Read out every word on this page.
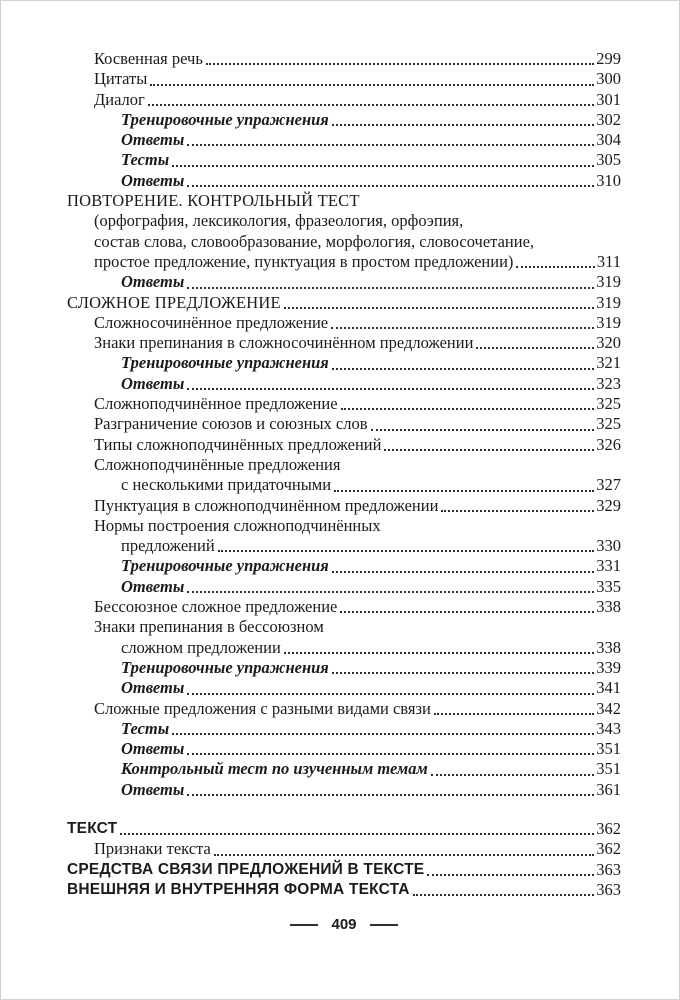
Косвенная речь	299
Цитаты	300
Диалог	301
Тренировочные упражнения	302
Ответы	304
Тесты	305
Ответы	310
ПОВТОРЕНИЕ. КОНТРОЛЬНЫЙ ТЕСТ
(орфография, лексикология, фразеология, орфоэпия,
состав слова, словообразование, морфология, словосочетание,
простое предложение, пунктуация в простом предложении)	311
Ответы	319
СЛОЖНОЕ ПРЕДЛОЖЕНИЕ	319
Сложносочинённое предложение	319
Знаки препинания в сложносочинённом предложении	320
Тренировочные упражнения	321
Ответы	323
Сложноподчинённое предложение	325
Разграничение союзов и союзных слов	325
Типы сложноподчинённых предложений	326
Сложноподчинённые предложения
с несколькими придаточными	327
Пунктуация в сложноподчинённом предложении	329
Нормы построения сложноподчинённых
предложений	330
Тренировочные упражнения	331
Ответы	335
Бессоюзное сложное предложение	338
Знаки препинания в бессоюзном
сложном предложении	338
Тренировочные упражнения	339
Ответы	341
Сложные предложения с разными видами связи	342
Тесты	343
Ответы	351
Контрольный тест по изученным темам	351
Ответы	361
ТЕКСТ	362
Признаки текста	362
СРЕДСТВА СВЯЗИ ПРЕДЛОЖЕНИЙ В ТЕКСТЕ	363
ВНЕШНЯЯ И ВНУТРЕННЯЯ ФОРМА ТЕКСТА	363
409
